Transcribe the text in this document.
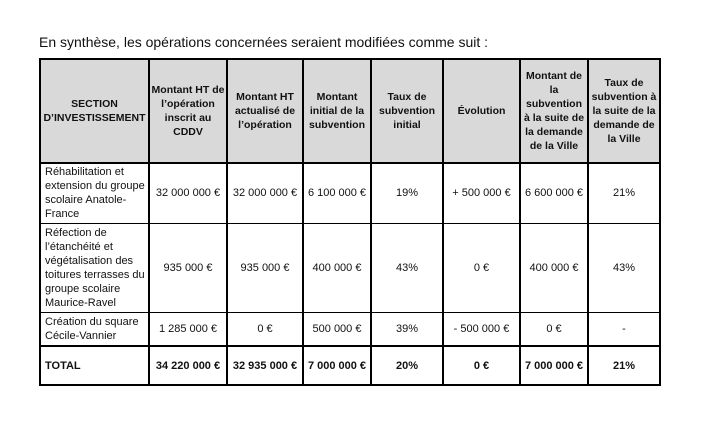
En synthèse, les opérations concernées seraient modifiées comme suit :
SECTION D’INVESTISSEMENT	Montant HT de l’opération inscrit au CDDV	Montant HT actualisé de l’opération	Montant initial de la subvention	Taux de subvention initial	Évolution	Montant de la subvention à la suite de la demande de la Ville	Taux de subvention à la suite de la demande de la Ville
Réhabilitation et extension du groupe scolaire Anatole-France	32 000 000 €	32 000 000 €	6 100 000 €	19%	+ 500 000 €	6 600 000 €	21%
Réfection de l’étanchéité et végétalisation des toitures terrasses du groupe scolaire Maurice-Ravel	935 000 €	935 000 €	400 000 €	43%	0 €	400 000 €	43%
Création du square Cécile-Vannier	1 285 000 €	0 €	500 000 €	39%	- 500 000 €	0 €	-
TOTAL	34 220 000 €	32 935 000 €	7 000 000 €	20%	0 €	7 000 000 €	21%
